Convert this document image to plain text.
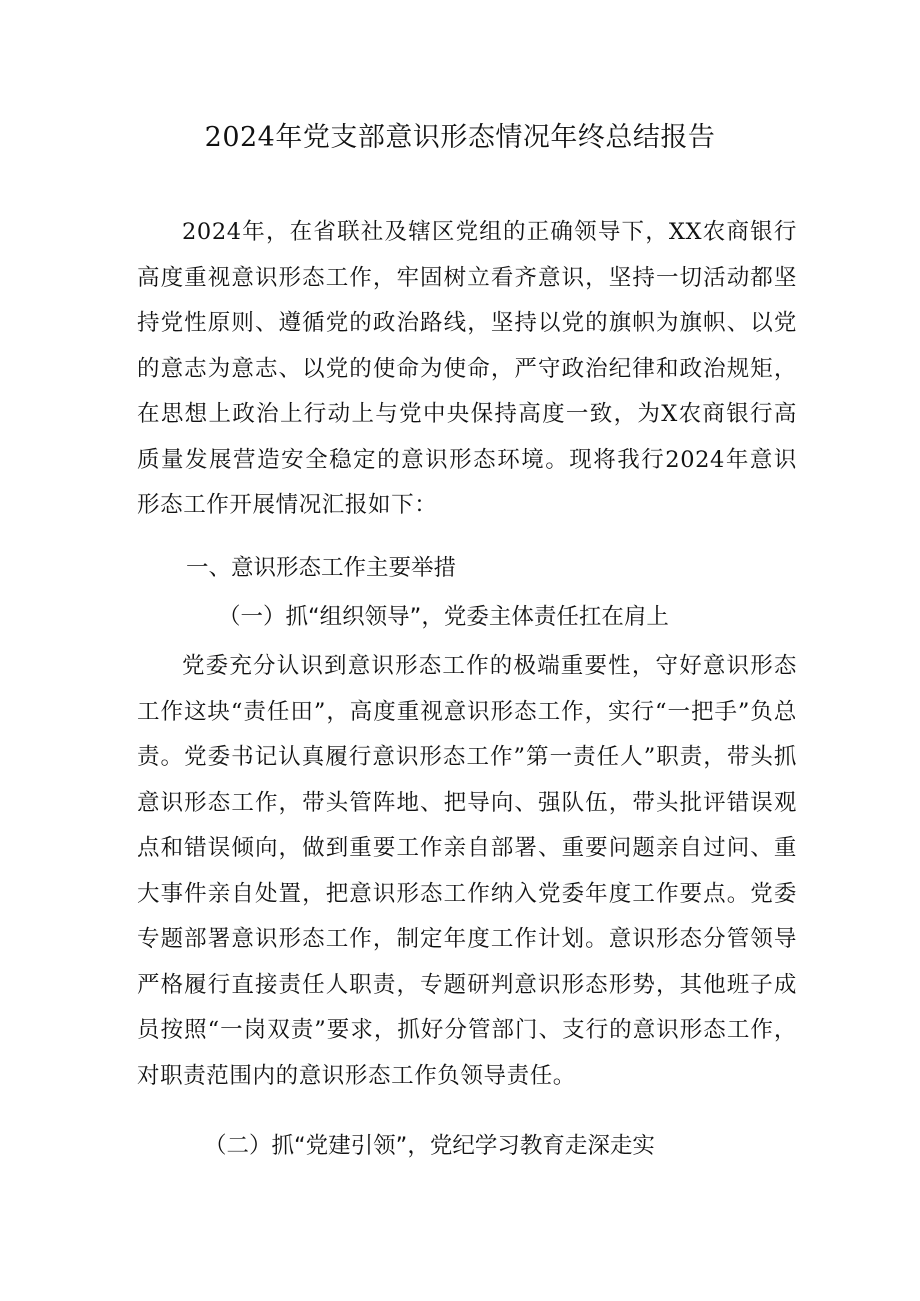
2024年党支部意识形态情况年终总结报告
2024年，在省联社及辖区党组的正确领导下，XX农商银行高度重视意识形态工作，牢固树立看齐意识，坚持一切活动都坚持党性原则、遵循党的政治路线，坚持以党的旗帜为旗帜、以党的意志为意志、以党的使命为使命，严守政治纪律和政治规矩，在思想上政治上行动上与党中央保持高度一致，为X农商银行高质量发展营造安全稳定的意识形态环境。现将我行2024年意识形态工作开展情况汇报如下：
一、意识形态工作主要举措
（一）抓“组织领导”，党委主体责任扛在肩上
党委充分认识到意识形态工作的极端重要性，守好意识形态工作这块“责任田”，高度重视意识形态工作，实行“一把手”负总责。党委书记认真履行意识形态工作”第一责任人”职责，带头抓意识形态工作，带头管阵地、把导向、强队伍，带头批评错误观点和错误倾向，做到重要工作亲自部署、重要问题亲自过问、重大事件亲自处置，把意识形态工作纳入党委年度工作要点。党委专题部署意识形态工作，制定年度工作计划。意识形态分管领导严格履行直接责任人职责，专题研判意识形态形势，其他班子成员按照“一岗双责”要求，抓好分管部门、支行的意识形态工作，对职责范围内的意识形态工作负领导责任。
（二）抓“党建引领”，党纪学习教育走深走实
